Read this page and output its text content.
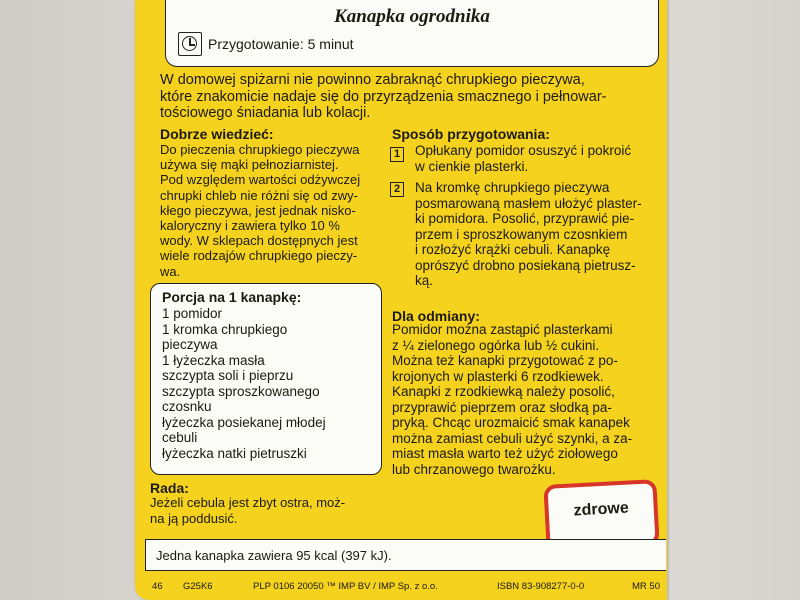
Kanapka ogrodnika
Przygotowanie: 5 minut

W domowej spiżarni nie powinno zabraknąć chrupkiego pieczywa,
które znakomicie nadaje się do przyrządzenia smacznego i pełnowar-
tościowego śniadania lub kolacji.

Dobrze wiedzieć:

Do pieczenia chrupkiego pieczywa
używa się mąki pełnoziarnistej.
Pod względem wartości odżywczej
chrupki chleb nie różni się od zwy-
kłego pieczywa, jest jednak nisko-
kaloryczny i zawiera tylko 10 %
wody. W sklepach dostępnych jest
wiele rodzajów chrupkiego pieczy-
wa.

Porcja na 1 kanapkę:

1 pomidor
1 kromka chrupkiego
pieczywa
1 łyżeczka masła
szczypta soli i pieprzu
szczypta sproszkowanego
czosnku
łyżeczka posiekanej młodej
cebuli
łyżeczka natki pietruszki

Rada:

Jeżeli cebula jest zbyt ostra, moż-
na ją poddusić.

Sposób przygotowania:

1 Opłukany pomidor osuszyć i pokroić
w cienkie plasterki.

2 Na kromkę chrupkiego pieczywa
posmarowaną masłem ułożyć plaster-
ki pomidora. Posolić, przyprawić pie-
przem i sproszkowanym czosnkiem
i rozłożyć krążki cebuli. Kanapkę
oprószyć drobno posiekaną pietrusz-
ką.

Dla odmiany:

Pomidor można zastąpić plasterkami
z ¼ zielonego ogórka lub ½ cukini.
Można też kanapki przygotować z po-
krojonych w plasterki 6 rzodkiewek.
Kanapki z rzodkiewką należy posolić,
przyprawić pieprzem oraz słodką pa-
pryką. Chcąc urozmaicić smak kanapek
można zamiast cebuli użyć szynki, a za-
miast masła warto też użyć ziołowego
lub chrzanowego twarożku.

zdrowe
Jedna kanapka zawiera 95 kcal (397 kJ).
46 G25K6	PLP 0106 20050 ™ IMP BV / IMP Sp. z o.o.	ISBN 83-908277-0-0	MR 50
